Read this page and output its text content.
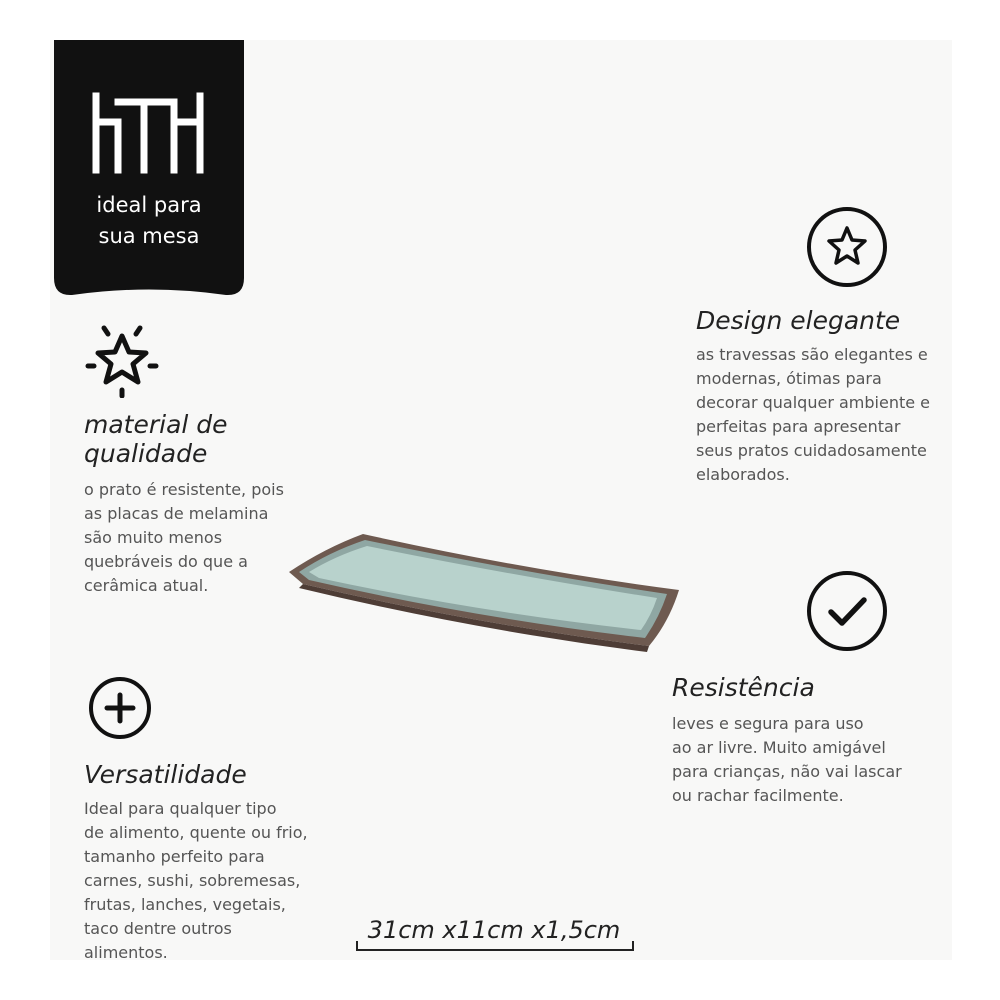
ideal para
sua mesa
material de
qualidade
o prato é resistente, pois
as placas de melamina
são muito menos
quebráveis do que a
cerâmica atual.
Design elegante
as travessas são elegantes e
modernas, ótimas para
decorar qualquer ambiente e
perfeitas para apresentar
seus pratos cuidadosamente
elaborados.
Versatilidade
Ideal para qualquer tipo
de alimento, quente ou frio,
tamanho perfeito para
carnes, sushi, sobremesas,
frutas, lanches, vegetais,
taco dentre outros
alimentos.
Resistência
leves e segura para uso
ao ar livre. Muito amigável
para crianças, não vai lascar
ou rachar facilmente.
31cm x11cm x1,5cm
